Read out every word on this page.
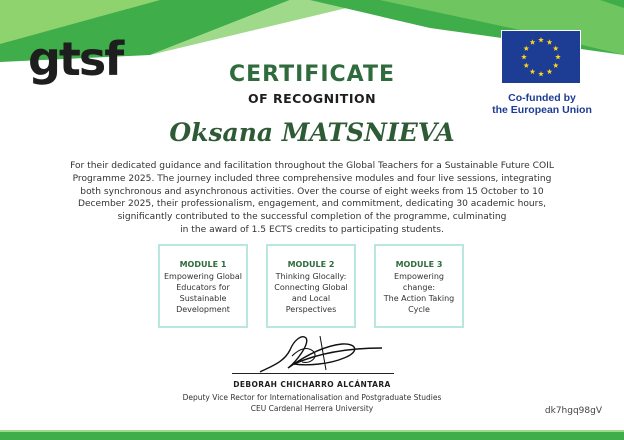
gtsf
Co-funded by
the European Union
CERTIFICATE
OF RECOGNITION
Oksana MATSNIEVA
For their dedicated guidance and facilitation throughout the Global Teachers for a Sustainable Future COIL
Programme 2025. The journey included three comprehensive modules and four live sessions, integrating
both synchronous and asynchronous activities. Over the course of eight weeks from 15 October to 10
December 2025, their professionalism, engagement, and commitment, dedicating 30 academic hours,
significantly contributed to the successful completion of the programme, culminating
in the award of 1.5 ECTS credits to participating students.
MODULE 1
Empowering Global
Educators for
Sustainable
Development
MODULE 2
Thinking Glocally:
Connecting Global
and Local
Perspectives
MODULE 3
Empowering change:
The Action Taking
Cycle
DEBORAH CHICHARRO ALCÁNTARA
Deputy Vice Rector for Internationalisation and Postgraduate Studies
CEU Cardenal Herrera University	dk7hgq98gV
